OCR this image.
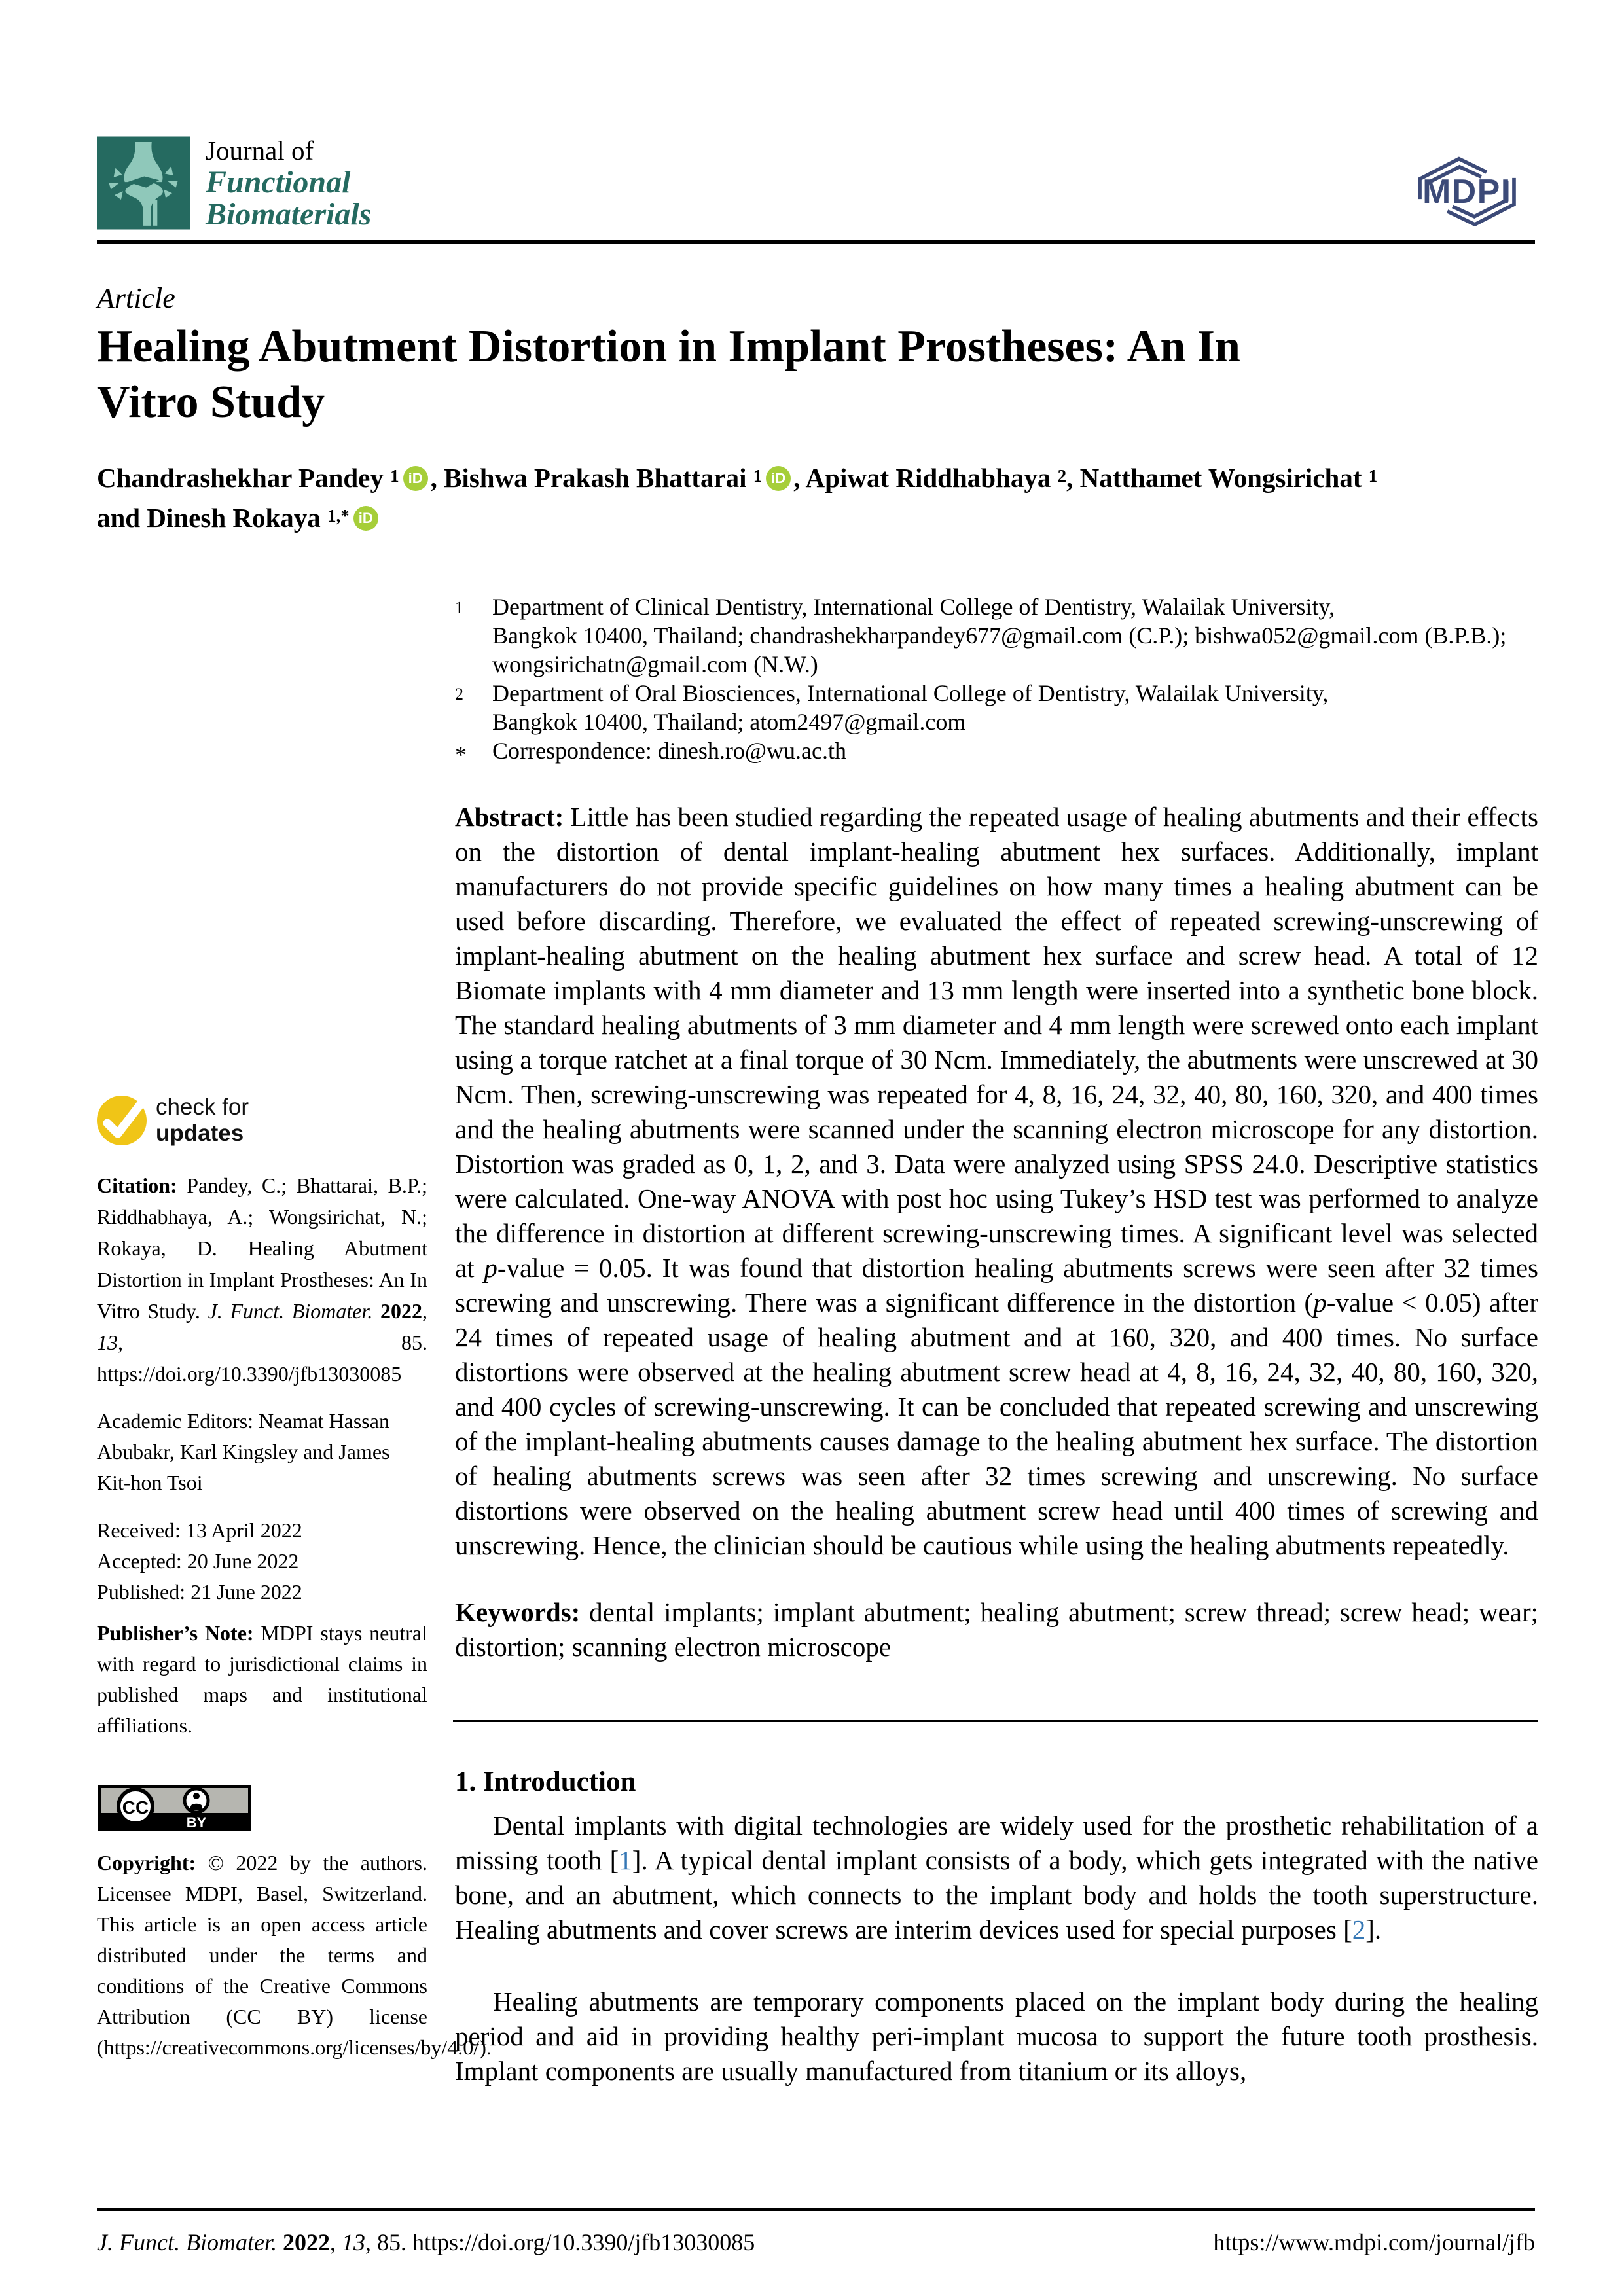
Journal of
Functional
Biomaterials
MDPI
Article
Healing Abutment Distortion in Implant Prostheses: An In
Vitro Study
Chandrashekhar Pandey $^1$ iD , Bishwa Prakash Bhattarai $^1$ iD , Apiwat Riddhabhaya $^2$, Natthamet Wongsirichat $^1$
and Dinesh Rokaya $^{1,*}$ iD
1	Department of Clinical Dentistry, International College of Dentistry, Walailak University,
Bangkok 10400, Thailand; chandrashekharpandey677@gmail.com (C.P.); bishwa052@gmail.com (B.P.B.);
wongsirichatn@gmail.com (N.W.)
2	Department of Oral Biosciences, International College of Dentistry, Walailak University,
Bangkok 10400, Thailand; atom2497@gmail.com
*	Correspondence: dinesh.ro@wu.ac.th
Abstract: Little has been studied regarding the repeated usage of healing abutments and their effects on the distortion of dental implant-healing abutment hex surfaces. Additionally, implant manufacturers do not provide specific guidelines on how many times a healing abutment can be used before discarding. Therefore, we evaluated the effect of repeated screwing-unscrewing of implant-healing abutment on the healing abutment hex surface and screw head. A total of 12 Biomate implants with 4 mm diameter and 13 mm length were inserted into a synthetic bone block. The standard healing abutments of 3 mm diameter and 4 mm length were screwed onto each implant using a torque ratchet at a final torque of 30 Ncm. Immediately, the abutments were unscrewed at 30 Ncm. Then, screwing-unscrewing was repeated for 4, 8, 16, 24, 32, 40, 80, 160, 320, and 400 times and the healing abutments were scanned under the scanning electron microscope for any distortion. Distortion was graded as 0, 1, 2, and 3. Data were analyzed using SPSS 24.0. Descriptive statistics were calculated. One-way ANOVA with post hoc using Tukey’s HSD test was performed to analyze the difference in distortion at different screwing-unscrewing times. A significant level was selected at p-value = 0.05. It was found that distortion healing abutments screws were seen after 32 times screwing and unscrewing. There was a significant difference in the distortion (p-value < 0.05) after 24 times of repeated usage of healing abutment and at 160, 320, and 400 times. No surface distortions were observed at the healing abutment screw head at 4, 8, 16, 24, 32, 40, 80, 160, 320, and 400 cycles of screwing-unscrewing. It can be concluded that repeated screwing and unscrewing of the implant-healing abutments causes damage to the healing abutment hex surface. The distortion of healing abutments screws was seen after 32 times screwing and unscrewing. No surface distortions were observed on the healing abutment screw head until 400 times of screwing and unscrewing. Hence, the clinician should be cautious while using the healing abutments repeatedly.
Keywords: dental implants; implant abutment; healing abutment; screw thread; screw head; wear; distortion; scanning electron microscope
1. Introduction
Dental implants with digital technologies are widely used for the prosthetic rehabilitation of a missing tooth [1]. A typical dental implant consists of a body, which gets integrated with the native bone, and an abutment, which connects to the implant body and holds the tooth superstructure. Healing abutments and cover screws are interim devices used for special purposes [2].
Healing abutments are temporary components placed on the implant body during the healing period and aid in providing healthy peri-implant mucosa to support the future tooth prosthesis. Implant components are usually manufactured from titanium or its alloys,
check for
updates
Citation: Pandey, C.; Bhattarai, B.P.; Riddhabhaya, A.; Wongsirichat, N.; Rokaya, D. Healing Abutment Distortion in Implant Prostheses: An In Vitro Study. J. Funct. Biomater. 2022, 13, 85. https://doi.org/10.3390/jfb13030085
Academic Editors: Neamat Hassan Abubakr, Karl Kingsley and James Kit-hon Tsoi
Received: 13 April 2022
Accepted: 20 June 2022
Published: 21 June 2022
Publisher’s Note: MDPI stays neutral with regard to jurisdictional claims in published maps and institutional affiliations.
CC
BY
Copyright: © 2022 by the authors. Licensee MDPI, Basel, Switzerland. This article is an open access article distributed under the terms and conditions of the Creative Commons Attribution (CC BY) license (https://creativecommons.org/licenses/by/4.0/).
J. Funct. Biomater. 2022, 13, 85. https://doi.org/10.3390/jfb13030085	https://www.mdpi.com/journal/jfb
